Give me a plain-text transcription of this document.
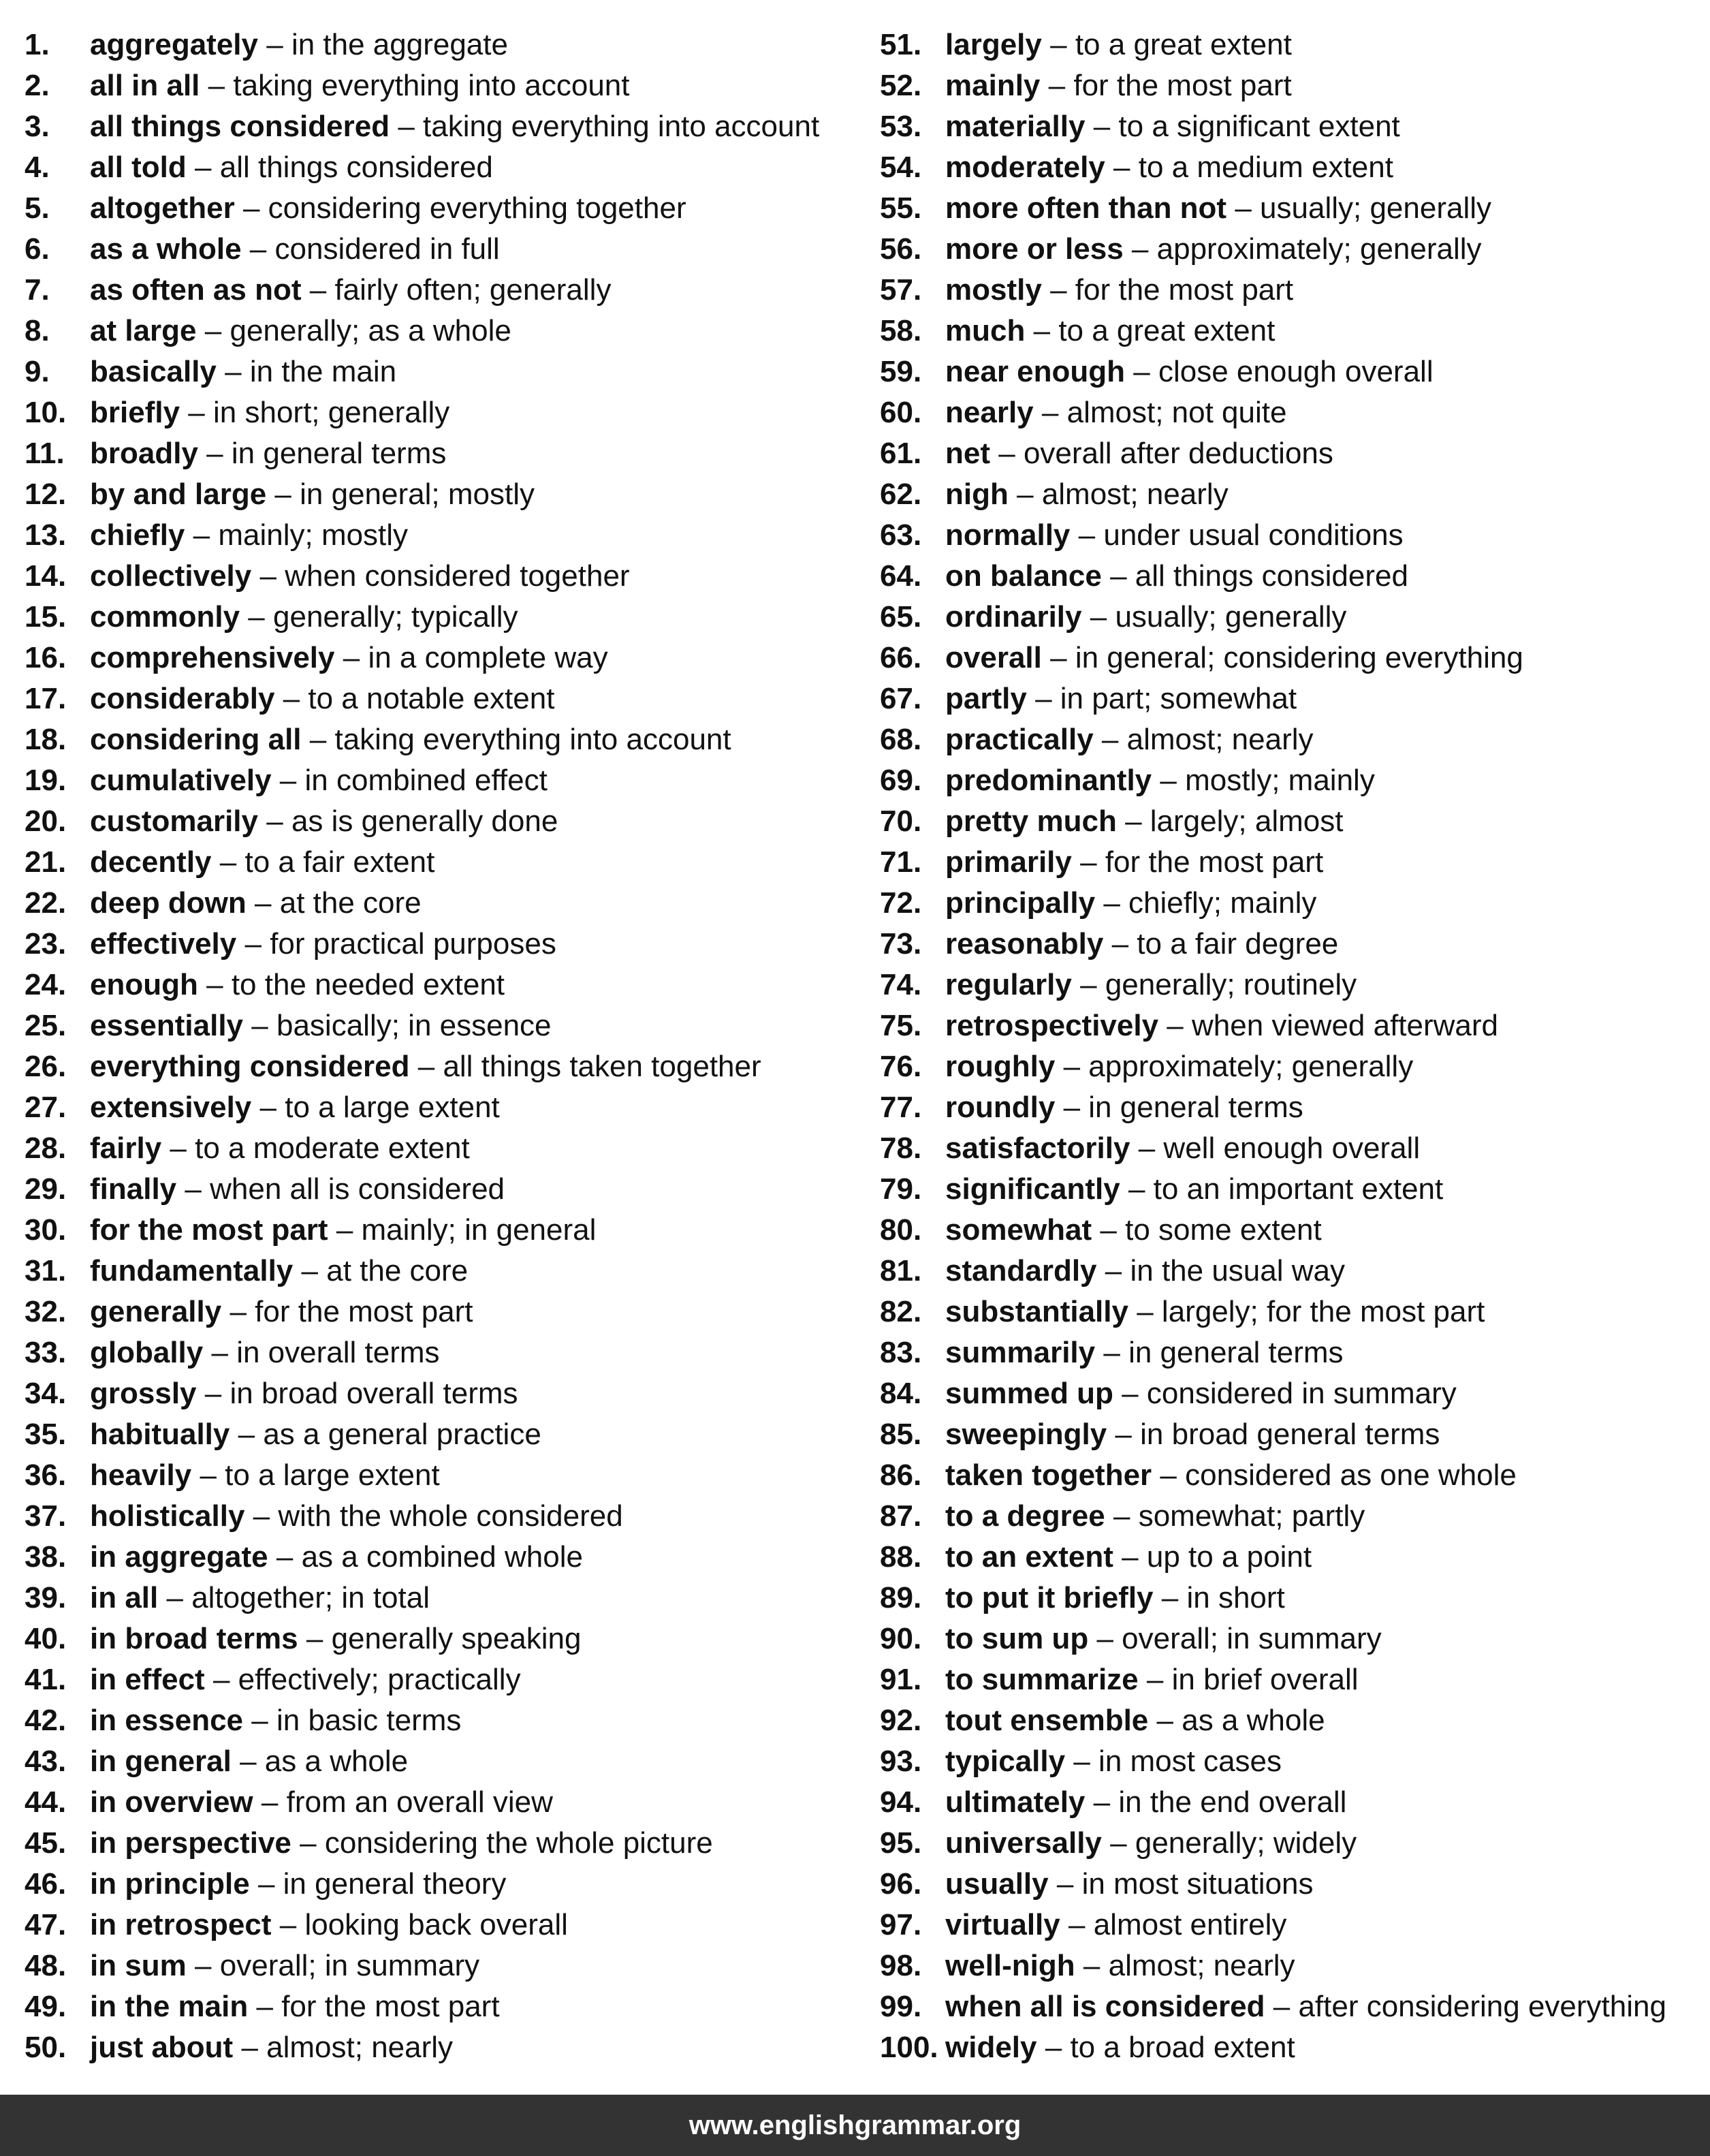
1. aggregately – in the aggregate
2. all in all – taking everything into account
3. all things considered – taking everything into account
4. all told – all things considered
5. altogether – considering everything together
6. as a whole – considered in full
7. as often as not – fairly often; generally
8. at large – generally; as a whole
9. basically – in the main
10. briefly – in short; generally
11. broadly – in general terms
12. by and large – in general; mostly
13. chiefly – mainly; mostly
14. collectively – when considered together
15. commonly – generally; typically
16. comprehensively – in a complete way
17. considerably – to a notable extent
18. considering all – taking everything into account
19. cumulatively – in combined effect
20. customarily – as is generally done
21. decently – to a fair extent
22. deep down – at the core
23. effectively – for practical purposes
24. enough – to the needed extent
25. essentially – basically; in essence
26. everything considered – all things taken together
27. extensively – to a large extent
28. fairly – to a moderate extent
29. finally – when all is considered
30. for the most part – mainly; in general
31. fundamentally – at the core
32. generally – for the most part
33. globally – in overall terms
34. grossly – in broad overall terms
35. habitually – as a general practice
36. heavily – to a large extent
37. holistically – with the whole considered
38. in aggregate – as a combined whole
39. in all – altogether; in total
40. in broad terms – generally speaking
41. in effect – effectively; practically
42. in essence – in basic terms
43. in general – as a whole
44. in overview – from an overall view
45. in perspective – considering the whole picture
46. in principle – in general theory
47. in retrospect – looking back overall
48. in sum – overall; in summary
49. in the main – for the most part
50. just about – almost; nearly
51. largely – to a great extent
52. mainly – for the most part
53. materially – to a significant extent
54. moderately – to a medium extent
55. more often than not – usually; generally
56. more or less – approximately; generally
57. mostly – for the most part
58. much – to a great extent
59. near enough – close enough overall
60. nearly – almost; not quite
61. net – overall after deductions
62. nigh – almost; nearly
63. normally – under usual conditions
64. on balance – all things considered
65. ordinarily – usually; generally
66. overall – in general; considering everything
67. partly – in part; somewhat
68. practically – almost; nearly
69. predominantly – mostly; mainly
70. pretty much – largely; almost
71. primarily – for the most part
72. principally – chiefly; mainly
73. reasonably – to a fair degree
74. regularly – generally; routinely
75. retrospectively – when viewed afterward
76. roughly – approximately; generally
77. roundly – in general terms
78. satisfactorily – well enough overall
79. significantly – to an important extent
80. somewhat – to some extent
81. standardly – in the usual way
82. substantially – largely; for the most part
83. summarily – in general terms
84. summed up – considered in summary
85. sweepingly – in broad general terms
86. taken together – considered as one whole
87. to a degree – somewhat; partly
88. to an extent – up to a point
89. to put it briefly – in short
90. to sum up – overall; in summary
91. to summarize – in brief overall
92. tout ensemble – as a whole
93. typically – in most cases
94. ultimately – in the end overall
95. universally – generally; widely
96. usually – in most situations
97. virtually – almost entirely
98. well-nigh – almost; nearly
99. when all is considered – after considering everything
100. widely – to a broad extent
www.englishgrammar.org
